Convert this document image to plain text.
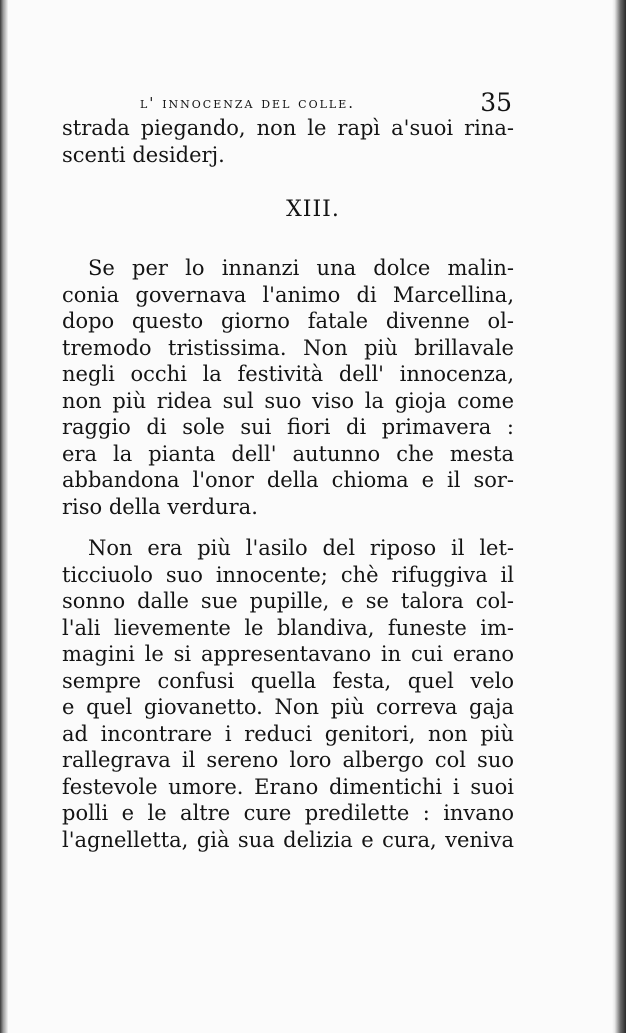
l' innocenza del colle.	35
strada piegando, non le rapì a'suoi rina-
scenti desiderj.
XIII.
Se per lo innanzi una dolce malin-
conia governava l'animo di Marcellina,
dopo questo giorno fatale divenne ol-
tremodo tristissima. Non più brillavale
negli occhi la festività dell' innocenza,
non più ridea sul suo viso la gioja come
raggio di sole sui fiori di primavera :
era la pianta dell' autunno che mesta
abbandona l'onor della chioma e il sor-
riso della verdura.
Non era più l'asilo del riposo il let-
ticciuolo suo innocente; chè rifuggiva il
sonno dalle sue pupille, e se talora col-
l'ali lievemente le blandiva, funeste im-
magini le si appresentavano in cui erano
sempre confusi quella festa, quel velo
e quel giovanetto. Non più correva gaja
ad incontrare i reduci genitori, non più
rallegrava il sereno loro albergo col suo
festevole umore. Erano dimentichi i suoi
polli e le altre cure predilette : invano
l'agnelletta, già sua delizia e cura, veniva
